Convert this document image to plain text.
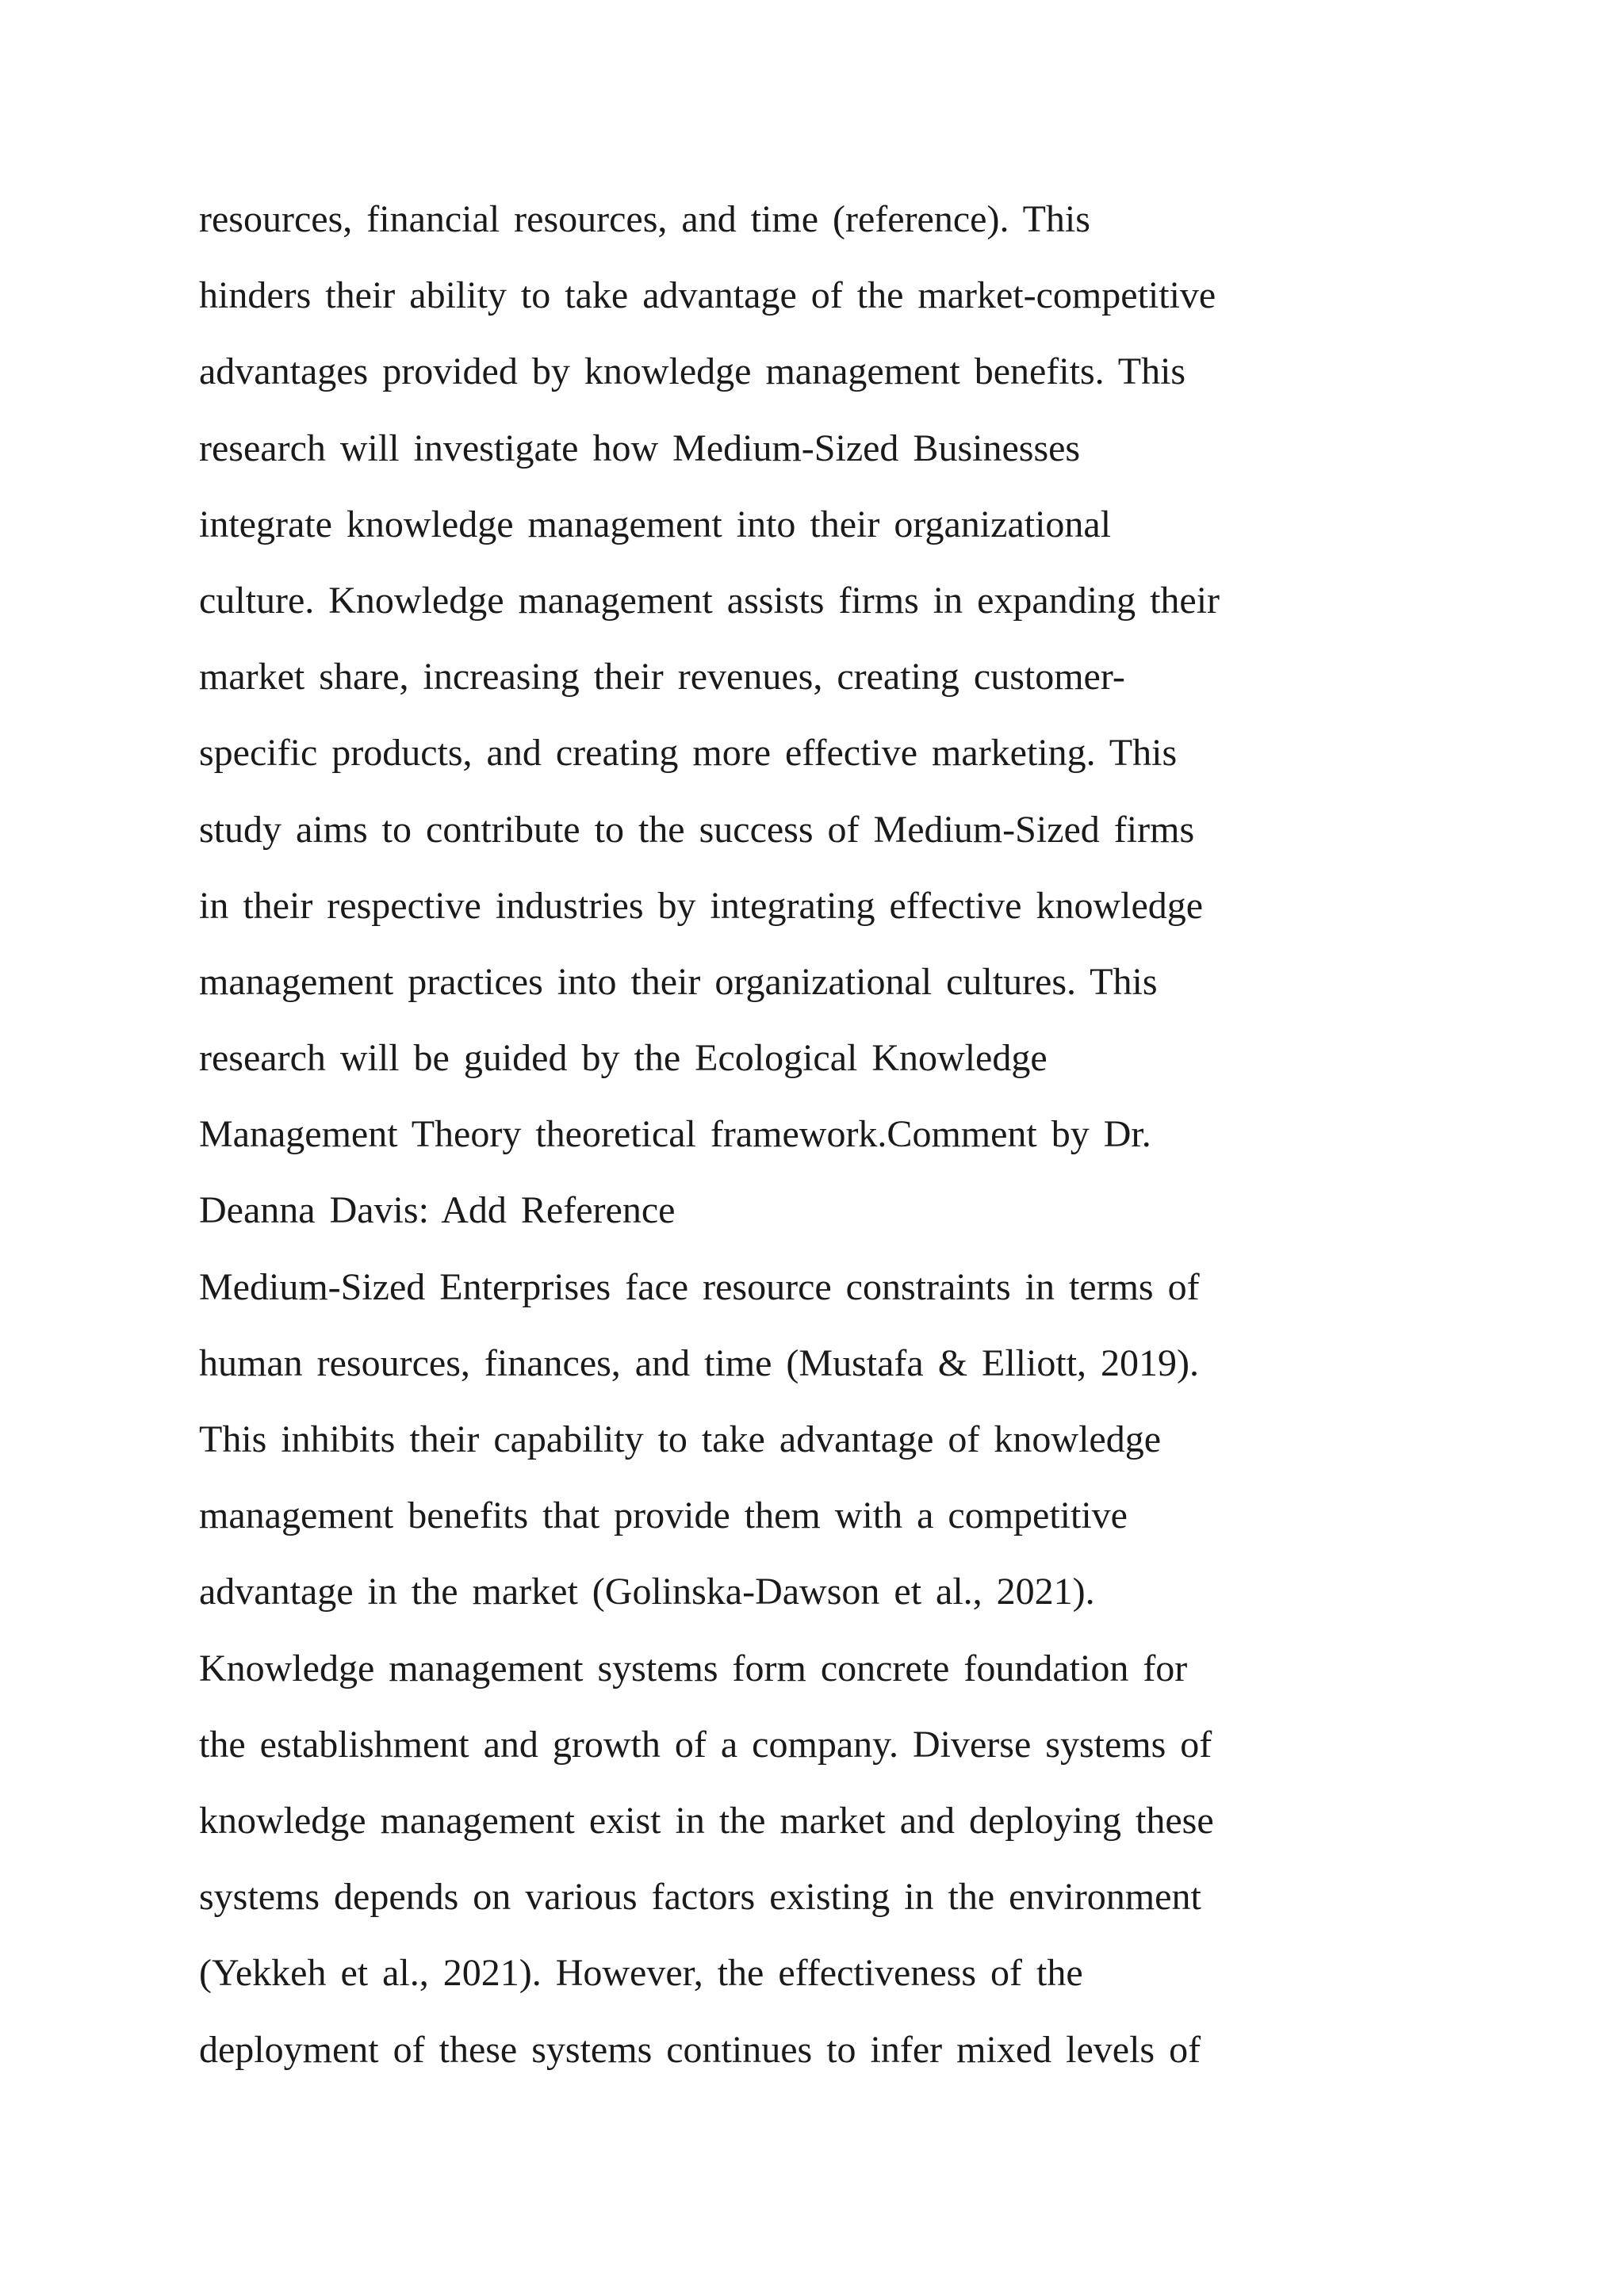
resources, financial resources, and time (reference). This
hinders their ability to take advantage of the market-competitive
advantages provided by knowledge management benefits. This
research will investigate how Medium-Sized Businesses
integrate knowledge management into their organizational
culture. Knowledge management assists firms in expanding their
market share, increasing their revenues, creating customer-
specific products, and creating more effective marketing. This
study aims to contribute to the success of Medium-Sized firms
in their respective industries by integrating effective knowledge
management practices into their organizational cultures. This
research will be guided by the Ecological Knowledge
Management Theory theoretical framework.Comment by Dr.
Deanna Davis: Add Reference
Medium-Sized Enterprises face resource constraints in terms of
human resources, finances, and time (Mustafa & Elliott, 2019).
This inhibits their capability to take advantage of knowledge
management benefits that provide them with a competitive
advantage in the market (Golinska-Dawson et al., 2021).
Knowledge management systems form concrete foundation for
the establishment and growth of a company. Diverse systems of
knowledge management exist in the market and deploying these
systems depends on various factors existing in the environment
(Yekkeh et al., 2021). However, the effectiveness of the
deployment of these systems continues to infer mixed levels of
